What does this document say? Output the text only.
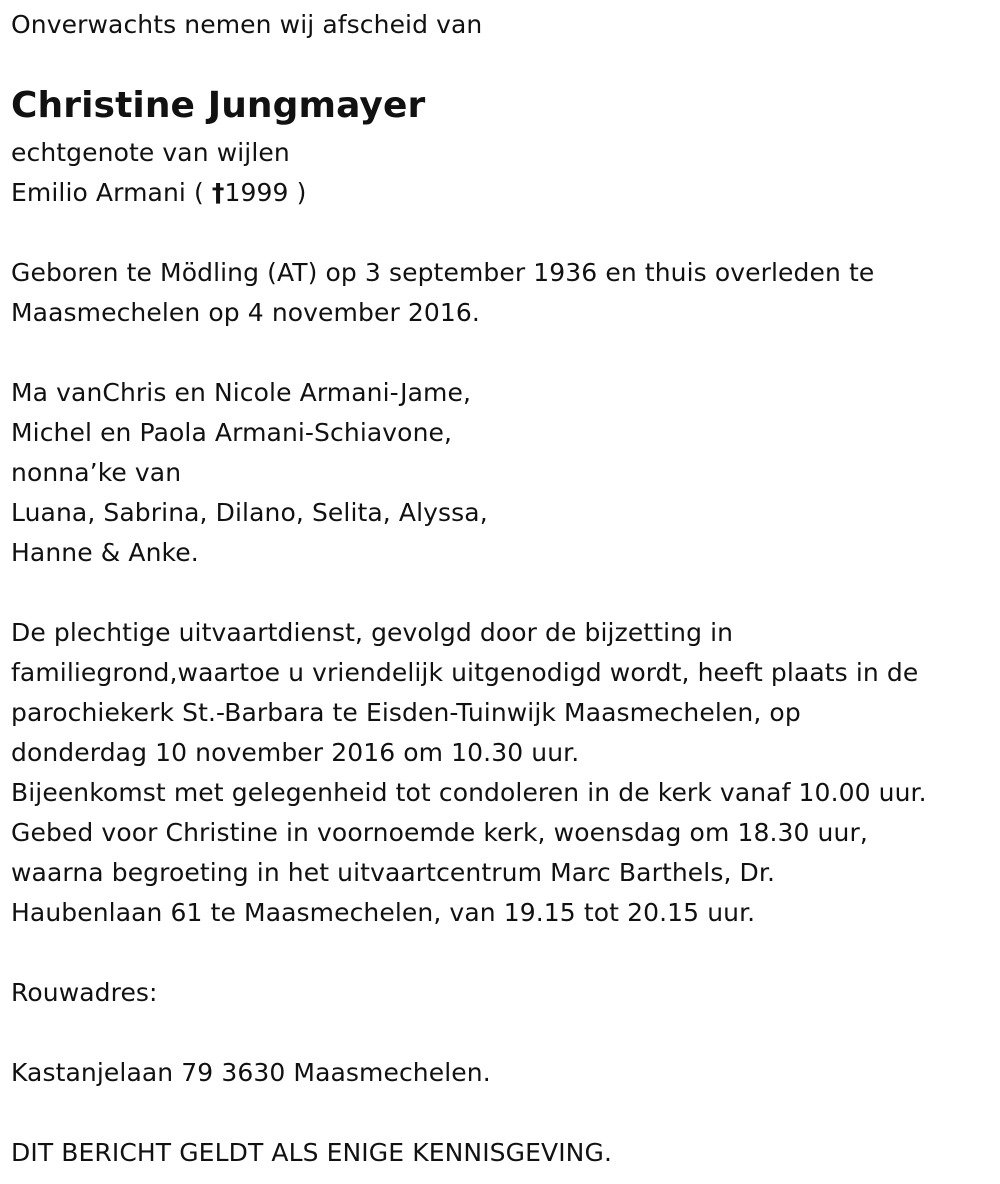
Onverwachts nemen wij afscheid van
Christine Jungmayer
echtgenote van wijlen
Emilio Armani ( †1999 )
Geboren te Mödling (AT) op 3 september 1936 en thuis overleden te
Maasmechelen op 4 november 2016.
Ma vanChris en Nicole Armani-Jame,
Michel en Paola Armani-Schiavone,
nonna’ke van
Luana, Sabrina, Dilano, Selita, Alyssa,
Hanne & Anke.
De plechtige uitvaartdienst, gevolgd door de bijzetting in
familiegrond,waartoe u vriendelijk uitgenodigd wordt, heeft plaats in de
parochiekerk St.-Barbara te Eisden-Tuinwijk Maasmechelen, op
donderdag 10 november 2016 om 10.30 uur.
Bijeenkomst met gelegenheid tot condoleren in de kerk vanaf 10.00 uur.
Gebed voor Christine in voornoemde kerk, woensdag om 18.30 uur,
waarna begroeting in het uitvaartcentrum Marc Barthels, Dr.
Haubenlaan 61 te Maasmechelen, van 19.15 tot 20.15 uur.
Rouwadres:
Kastanjelaan 79 3630 Maasmechelen.
DIT BERICHT GELDT ALS ENIGE KENNISGEVING.
